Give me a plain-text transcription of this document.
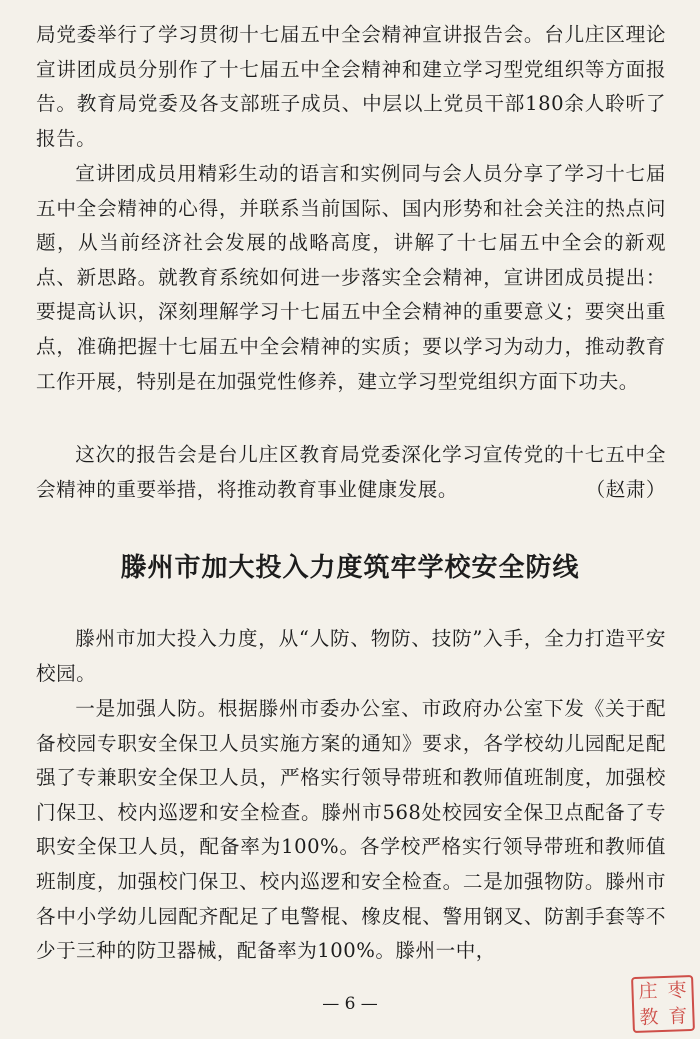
局党委举行了学习贯彻十七届五中全会精神宣讲报告会。台儿庄区理论宣讲团成员分别作了十七届五中全会精神和建立学习型党组织等方面报告。教育局党委及各支部班子成员、中层以上党员干部180余人聆听了报告。

宣讲团成员用精彩生动的语言和实例同与会人员分享了学习十七届五中全会精神的心得，并联系当前国际、国内形势和社会关注的热点问题，从当前经济社会发展的战略高度，讲解了十七届五中全会的新观点、新思路。就教育系统如何进一步落实全会精神，宣讲团成员提出：要提高认识，深刻理解学习十七届五中全会精神的重要意义；要突出重点，准确把握十七届五中全会精神的实质；要以学习为动力，推动教育工作开展，特别是在加强党性修养，建立学习型党组织方面下功夫。

这次的报告会是台儿庄区教育局党委深化学习宣传党的十七五中全会精神的重要举措，将推动教育事业健康发展。	（赵肃）

滕州市加大投入力度筑牢学校安全防线

滕州市加大投入力度，从“人防、物防、技防”入手，全力打造平安校园。

一是加强人防。根据滕州市委办公室、市政府办公室下发《关于配备校园专职安全保卫人员实施方案的通知》要求，各学校幼儿园配足配强了专兼职安全保卫人员，严格实行领导带班和教师值班制度，加强校门保卫、校内巡逻和安全检查。滕州市568处校园安全保卫点配备了专职安全保卫人员，配备率为100%。各学校严格实行领导带班和教师值班制度，加强校门保卫、校内巡逻和安全检查。二是加强物防。滕州市各中小学幼儿园配齐配足了电警棍、橡皮棍、警用钢叉、防割手套等不少于三种的防卫器械，配备率为100%。滕州一中，

— 6 —
庄 枣
教 育
